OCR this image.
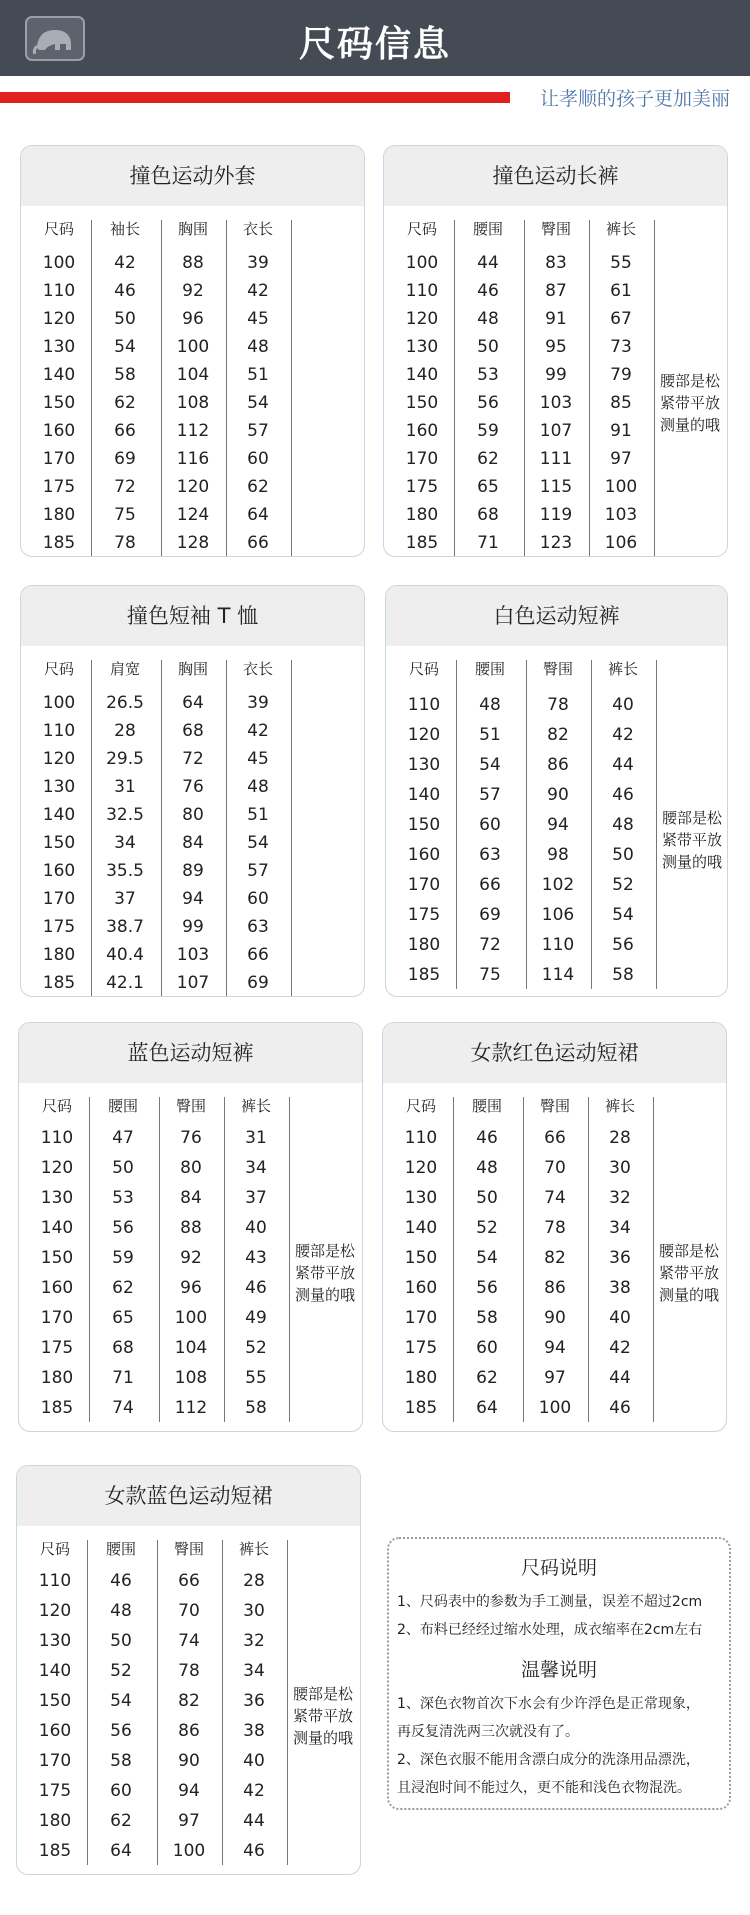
尺码信息
让孝顺的孩子更加美丽
撞色运动外套
尺码	袖长	胸围	衣长
100	42	88	39
110	46	92	42
120	50	96	45
130	54	100	48
140	58	104	51
150	62	108	54
160	66	112	57
170	69	116	60
175	72	120	62
180	75	124	64
185	78	128	66
撞色运动长裤
尺码	腰围	臀围	裤长
100	44	83	55
110	46	87	61
120	48	91	67
130	50	95	73
140	53	99	79
150	56	103	85
160	59	107	91
170	62	111	97
175	65	115	100
180	68	119	103
185	71	123	106
腰部是松紧带平放测量的哦
撞色短袖 T 恤
尺码	肩宽	胸围	衣长
100	26.5	64	39
110	28	68	42
120	29.5	72	45
130	31	76	48
140	32.5	80	51
150	34	84	54
160	35.5	89	57
170	37	94	60
175	38.7	99	63
180	40.4	103	66
185	42.1	107	69
白色运动短裤
尺码	腰围	臀围	裤长
110	48	78	40
120	51	82	42
130	54	86	44
140	57	90	46
150	60	94	48
160	63	98	50
170	66	102	52
175	69	106	54
180	72	110	56
185	75	114	58
腰部是松紧带平放测量的哦
蓝色运动短裤
尺码	腰围	臀围	裤长
110	47	76	31
120	50	80	34
130	53	84	37
140	56	88	40
150	59	92	43
160	62	96	46
170	65	100	49
175	68	104	52
180	71	108	55
185	74	112	58
腰部是松紧带平放测量的哦
女款红色运动短裙
尺码	腰围	臀围	裤长
110	46	66	28
120	48	70	30
130	50	74	32
140	52	78	34
150	54	82	36
160	56	86	38
170	58	90	40
175	60	94	42
180	62	97	44
185	64	100	46
腰部是松紧带平放测量的哦
女款蓝色运动短裙
尺码	腰围	臀围	裤长
110	46	66	28
120	48	70	30
130	50	74	32
140	52	78	34
150	54	82	36
160	56	86	38
170	58	90	40
175	60	94	42
180	62	97	44
185	64	100	46
腰部是松紧带平放测量的哦
尺码说明
1、尺码表中的参数为手工测量，误差不超过2cm
2、布料已经经过缩水处理，成衣缩率在2cm左右
温馨说明
1、深色衣物首次下水会有少许浮色是正常现象，
再反复清洗两三次就没有了。
2、深色衣服不能用含漂白成分的洗涤用品漂洗，
且浸泡时间不能过久，更不能和浅色衣物混洗。
